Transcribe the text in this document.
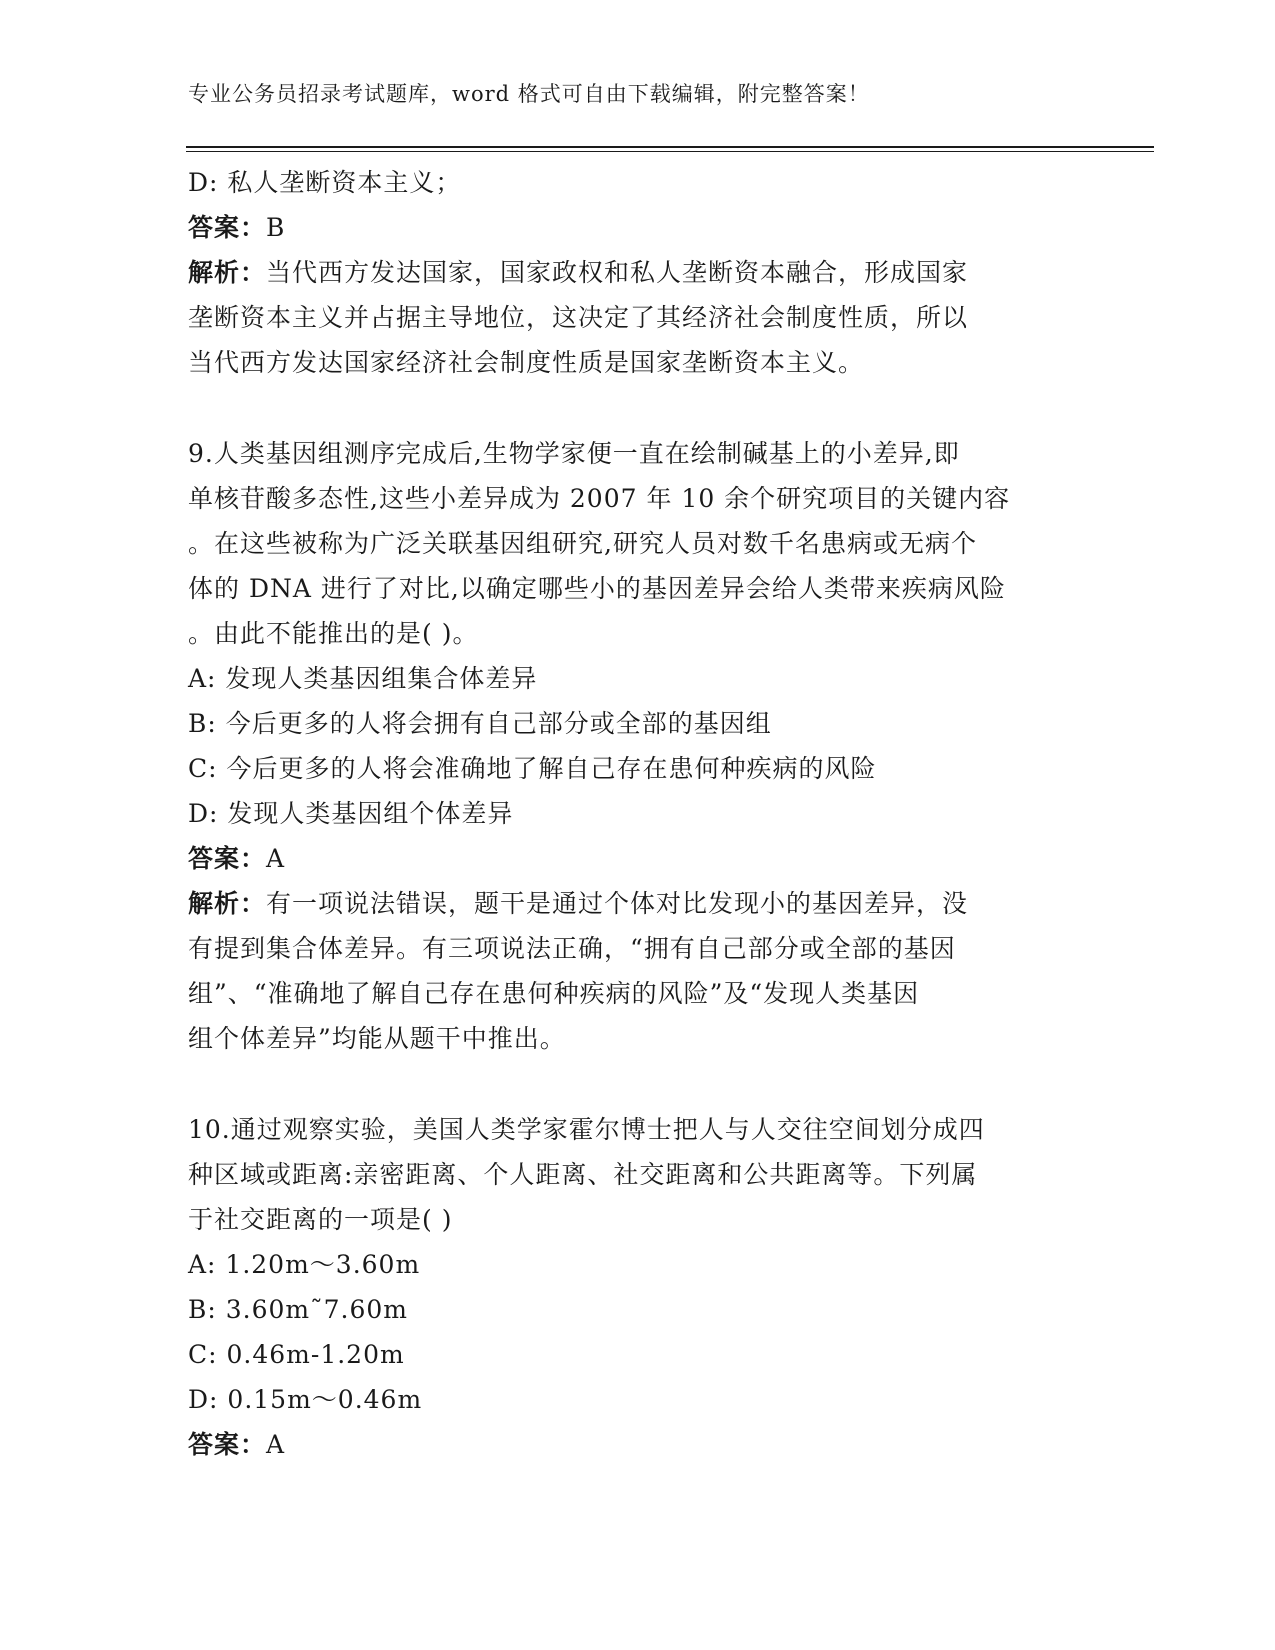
专业公务员招录考试题库，word 格式可自由下载编辑，附完整答案！
D: 私人垄断资本主义；
答案：B
解析：当代西方发达国家，国家政权和私人垄断资本融合，形成国家
垄断资本主义并占据主导地位，这决定了其经济社会制度性质，所以
当代西方发达国家经济社会制度性质是国家垄断资本主义。
9.人类基因组测序完成后,生物学家便一直在绘制碱基上的小差异,即
单核苷酸多态性,这些小差异成为 2007 年 10 余个研究项目的关键内容
。在这些被称为广泛关联基因组研究,研究人员对数千名患病或无病个
体的 DNA 进行了对比,以确定哪些小的基因差异会给人类带来疾病风险
。由此不能推出的是( )。
A: 发现人类基因组集合体差异
B: 今后更多的人将会拥有自己部分或全部的基因组
C: 今后更多的人将会准确地了解自己存在患何种疾病的风险
D: 发现人类基因组个体差异
答案：A
解析：有一项说法错误，题干是通过个体对比发现小的基因差异，没
有提到集合体差异。有三项说法正确，“拥有自己部分或全部的基因
组”、“准确地了解自己存在患何种疾病的风险”及“发现人类基因
组个体差异”均能从题干中推出。
10.通过观察实验，美国人类学家霍尔博士把人与人交往空间划分成四
种区域或距离:亲密距离、个人距离、社交距离和公共距离等。下列属
于社交距离的一项是( )
A: 1.20m～3.60m
B: 3.60m˜7.60m
C: 0.46m-1.20m
D: 0.15m～0.46m
答案：A
